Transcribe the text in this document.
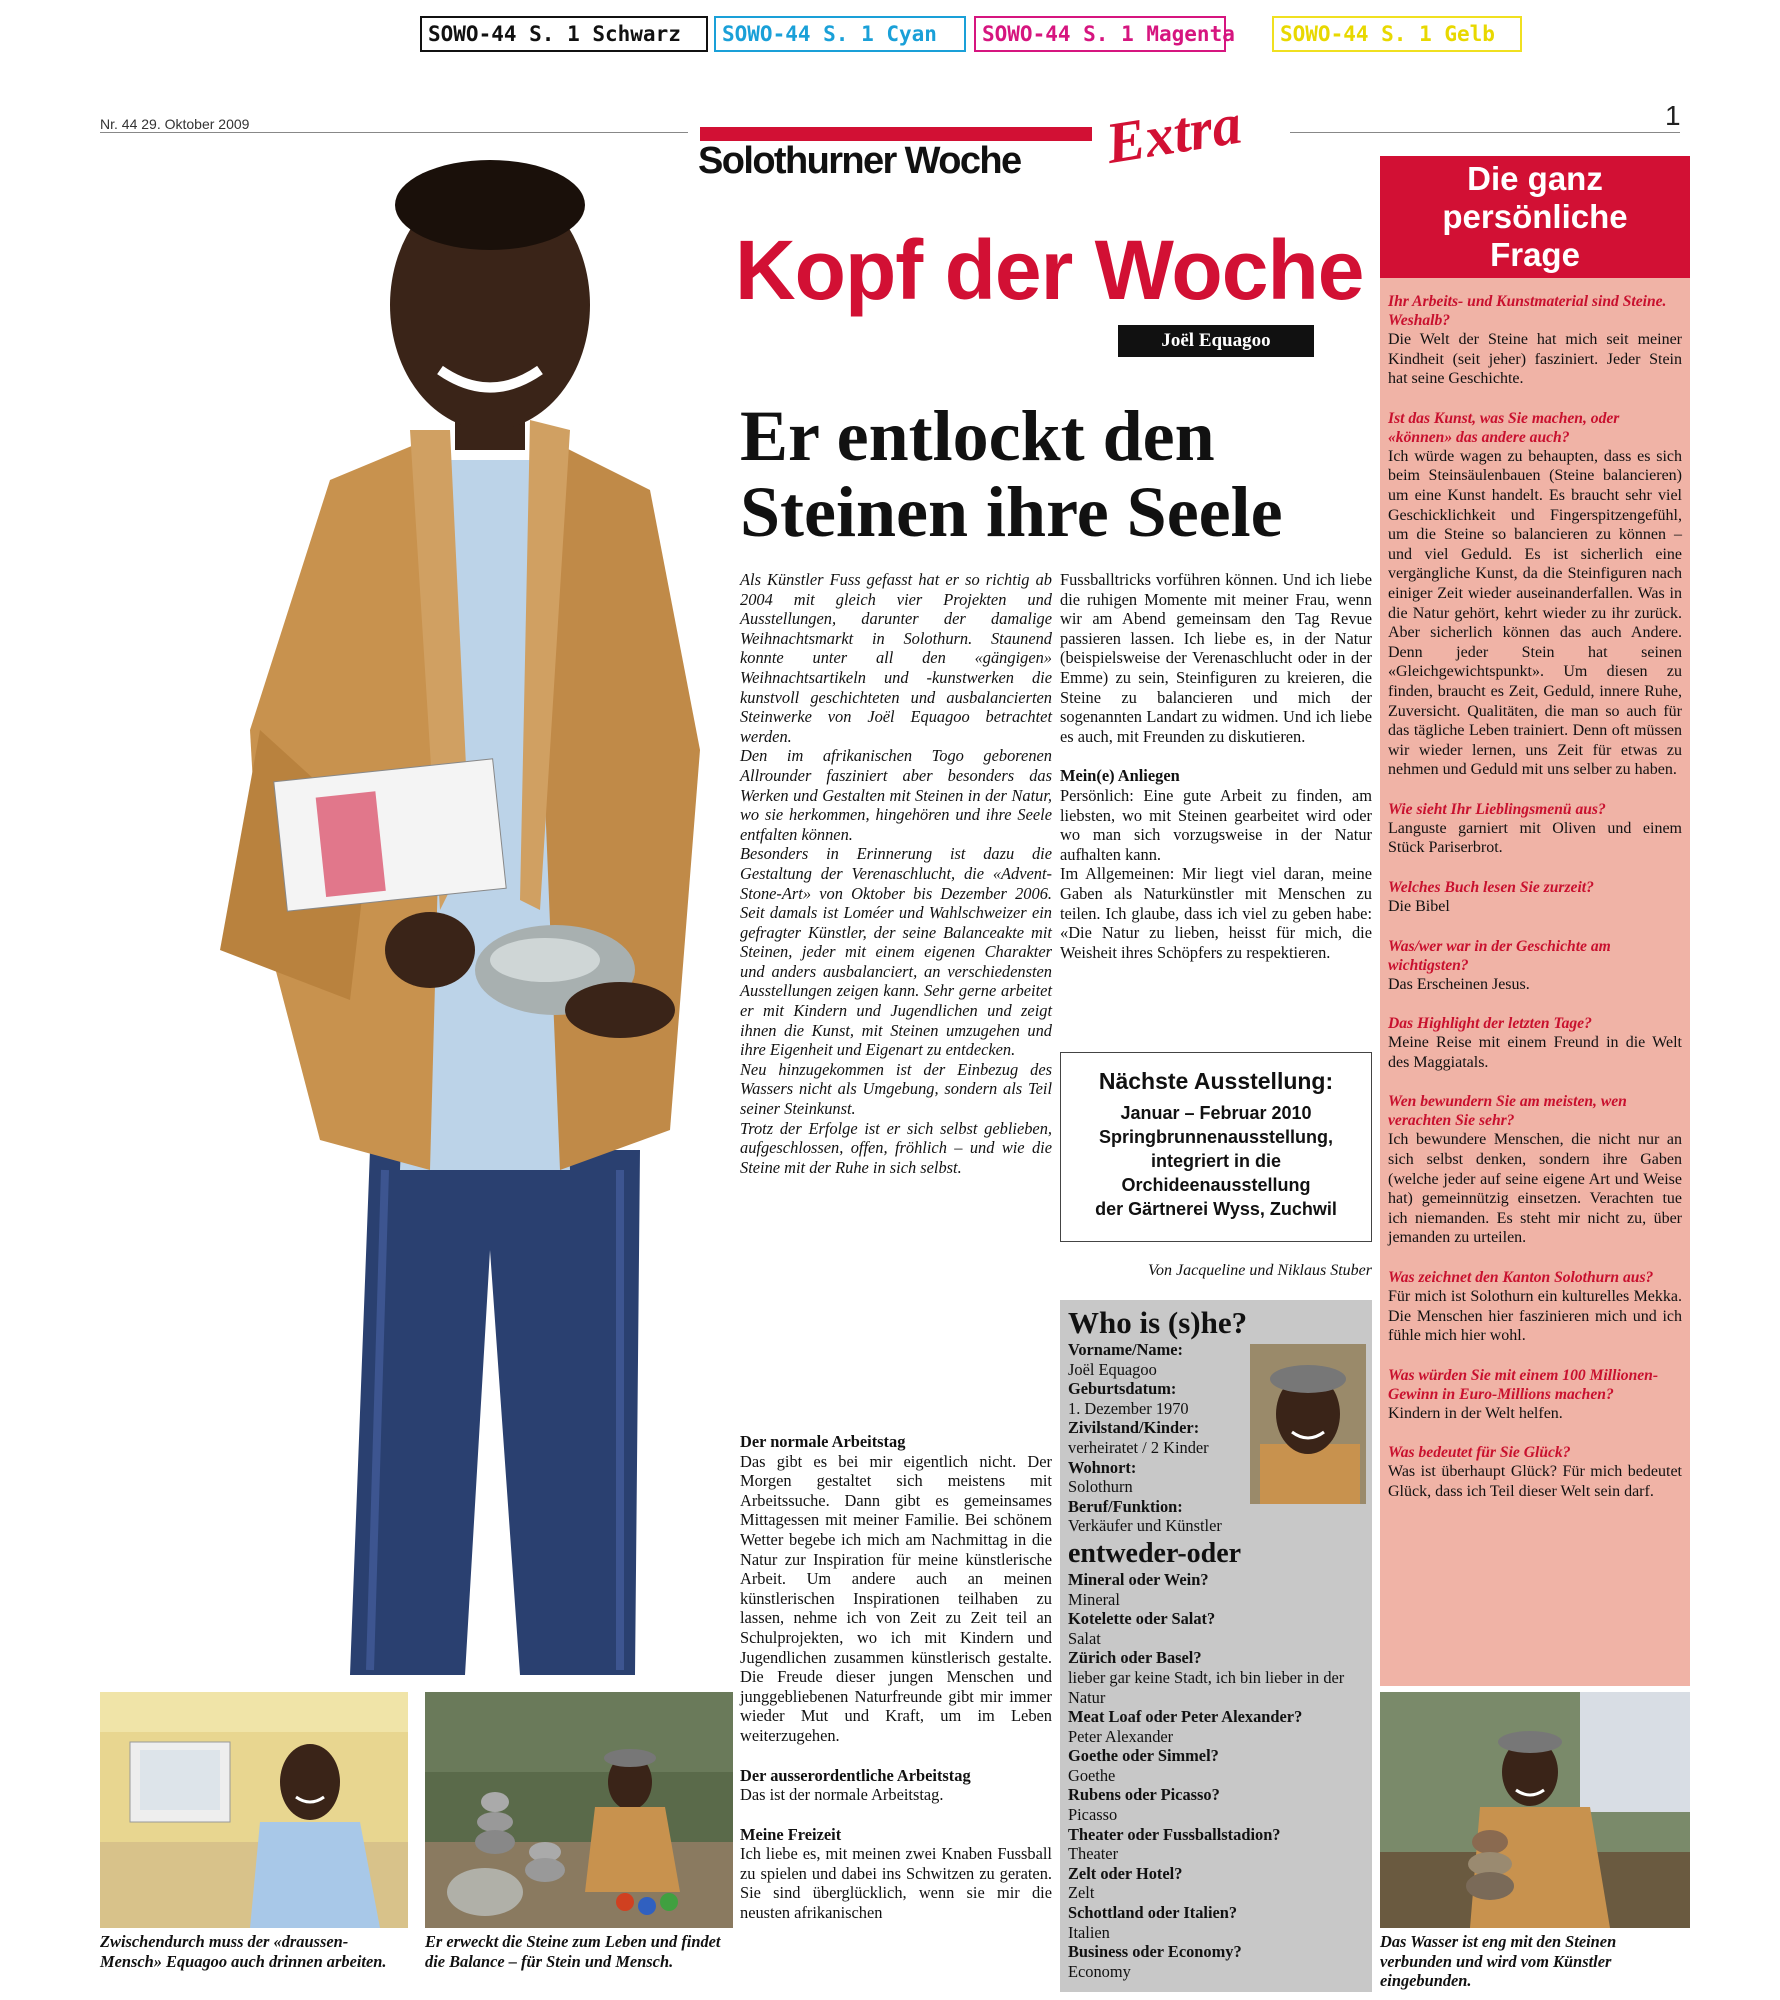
SOWO-44 S. 1 Schwarz	SOWO-44 S. 1 Cyan	SOWO-44 S. 1 Magenta	SOWO-44 S. 1 Gelb
Nr. 44 29. Oktober 2009	1
Solothurner Woche Extra
Kopf der Woche
Joël Equagoo
Er entlockt den
Steinen ihre Seele

Als Künstler Fuss gefasst hat er so richtig ab 2004 mit gleich vier Projekten und Ausstellungen, darunter der damalige Weihnachtsmarkt in Solothurn. Staunend konnte unter all den «gängigen» Weihnachtsartikeln und -kunstwerken die kunstvoll geschichteten und ausbalancierten Steinwerke von Joël Equagoo betrachtet werden.

Den im afrikanischen Togo geborenen Allrounder fasziniert aber besonders das Werken und Gestalten mit Steinen in der Natur, wo sie herkommen, hingehören und ihre Seele entfalten können.

Besonders in Erinnerung ist dazu die Gestaltung der Verenaschlucht, die «Advent-Stone-Art» von Oktober bis Dezember 2006. Seit damals ist Loméer und Wahlschweizer ein gefragter Künstler, der seine Balanceakte mit Steinen, jeder mit einem eigenen Charakter und anders ausbalanciert, an verschiedensten Ausstellungen zeigen kann. Sehr gerne arbeitet er mit Kindern und Jugendlichen und zeigt ihnen die Kunst, mit Steinen umzugehen und ihre Eigenheit und Eigenart zu entdecken.

Neu hinzugekommen ist der Einbezug des Wassers nicht als Umgebung, sondern als Teil seiner Steinkunst.

Trotz der Erfolge ist er sich selbst geblieben, aufgeschlossen, offen, fröhlich – und wie die Steine mit der Ruhe in sich selbst.

Der normale Arbeitstag

Das gibt es bei mir eigentlich nicht. Der Morgen gestaltet sich meistens mit Arbeitssuche. Dann gibt es gemeinsames Mittagessen mit meiner Familie. Bei schönem Wetter begebe ich mich am Nachmittag in die Natur zur Inspiration für meine künstlerische Arbeit. Um andere auch an meinen künstlerischen Inspirationen teilhaben zu lassen, nehme ich von Zeit zu Zeit teil an Schulprojekten, wo ich mit Kindern und Jugendlichen zusammen künstlerisch gestalte. Die Freude dieser jungen Menschen und junggebliebenen Naturfreunde gibt mir immer wieder Mut und Kraft, um im Leben weiterzugehen.

Der ausserordentliche Arbeitstag

Das ist der normale Arbeitstag.

Meine Freizeit

Ich liebe es, mit meinen zwei Knaben Fussball zu spielen und dabei ins Schwitzen zu geraten. Sie sind überglücklich, wenn sie mir die neusten afrikanischen

Fussballtricks vorführen können. Und ich liebe die ruhigen Momente mit meiner Frau, wenn wir am Abend gemeinsam den Tag Revue passieren lassen. Ich liebe es, in der Natur (beispielsweise der Verenaschlucht oder in der Emme) zu sein, Steinfiguren zu kreieren, die Steine zu balancieren und mich der sogenannten Landart zu widmen. Und ich liebe es auch, mit Freunden zu diskutieren.

Mein(e) Anliegen

Persönlich: Eine gute Arbeit zu finden, am liebsten, wo mit Steinen gearbeitet wird oder wo man sich vorzugsweise in der Natur aufhalten kann.

Im Allgemeinen: Mir liegt viel daran, meine Gaben als Naturkünstler mit Menschen zu teilen. Ich glaube, dass ich viel zu geben habe: «Die Natur zu lieben, heisst für mich, die Weisheit ihres Schöpfers zu respektieren.

Nächste Ausstellung:
Januar – Februar 2010
Springbrunnenausstellung,
integriert in die
Orchideenausstellung
der Gärtnerei Wyss, Zuchwil
Von Jacqueline und Niklaus Stuber
Who is (s)he?
Vorname/Name:
Joël Equagoo
Geburtsdatum:
1. Dezember 1970
Zivilstand/Kinder:
verheiratet / 2 Kinder
Wohnort:
Solothurn
Beruf/Funktion:
Verkäufer und Künstler
entweder-oder
Mineral oder Wein?
Mineral
Kotelette oder Salat?
Salat
Zürich oder Basel?
lieber gar keine Stadt, ich bin lieber in der Natur
Meat Loaf oder Peter Alexander?
Peter Alexander
Goethe oder Simmel?
Goethe
Rubens oder Picasso?
Picasso
Theater oder Fussballstadion?
Theater
Zelt oder Hotel?
Zelt
Schottland oder Italien?
Italien
Business oder Economy?
Economy
Die ganz
persönliche
Frage
Ihr Arbeits- und Kunstmaterial sind Steine. Weshalb?
Die Welt der Steine hat mich seit meiner Kindheit (seit jeher) fasziniert. Jeder Stein hat seine Geschichte.
Ist das Kunst, was Sie machen, oder «können» das andere auch?
Ich würde wagen zu behaupten, dass es sich beim Steinsäulenbauen (Steine balancieren) um eine Kunst handelt. Es braucht sehr viel Geschicklichkeit und Fingerspitzengefühl, um die Steine so balancieren zu können – und viel Geduld. Es ist sicherlich eine vergängliche Kunst, da die Steinfiguren nach einiger Zeit wieder auseinanderfallen. Was in die Natur gehört, kehrt wieder zu ihr zurück. Aber sicherlich können das auch Andere. Denn jeder Stein hat seinen «Gleichgewichtspunkt». Um diesen zu finden, braucht es Zeit, Geduld, innere Ruhe, Zuversicht. Qualitäten, die man so auch für das tägliche Leben trainiert. Denn oft müssen wir wieder lernen, uns Zeit für etwas zu nehmen und Geduld mit uns selber zu haben.
Wie sieht Ihr Lieblingsmenü aus?
Languste garniert mit Oliven und einem Stück Pariserbrot.
Welches Buch lesen Sie zurzeit?
Die Bibel
Was/wer war in der Geschichte am wichtigsten?
Das Erscheinen Jesus.
Das Highlight der letzten Tage?
Meine Reise mit einem Freund in die Welt des Maggiatals.
Wen bewundern Sie am meisten, wen verachten Sie sehr?
Ich bewundere Menschen, die nicht nur an sich selbst denken, sondern ihre Gaben (welche jeder auf seine eigene Art und Weise hat) gemeinnützig einsetzen. Verachten tue ich niemanden. Es steht mir nicht zu, über jemanden zu urteilen.
Was zeichnet den Kanton Solothurn aus?
Für mich ist Solothurn ein kulturelles Mekka. Die Menschen hier faszinieren mich und ich fühle mich hier wohl.
Was würden Sie mit einem 100 Millionen-Gewinn in Euro-Millions machen?
Kindern in der Welt helfen.
Was bedeutet für Sie Glück?
Was ist überhaupt Glück? Für mich bedeutet Glück, dass ich Teil dieser Welt sein darf.
Zwischendurch muss der «draussen-Mensch» Equagoo auch drinnen arbeiten.
Er erweckt die Steine zum Leben und findet die Balance – für Stein und Mensch.
Das Wasser ist eng mit den Steinen verbunden und wird vom Künstler eingebunden.
